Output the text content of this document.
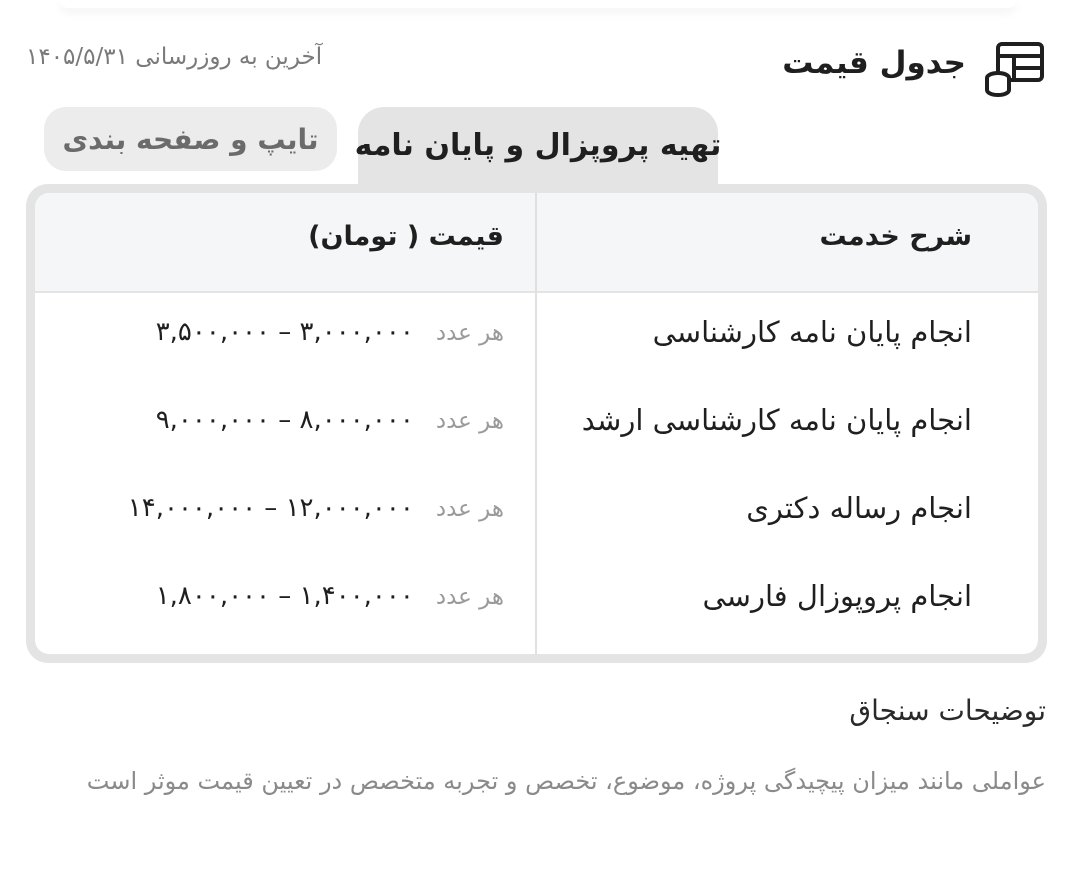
جدول قیمت
آخرین به روزرسانی ۱۴۰۵/۵/۳۱
تهیه پروپزال و پایان نامه
تایپ و صفحه بندی
شرح خدمت
قیمت ( تومان)
انجام پایان نامه کارشناسی
هر عدد
۳,۰۰۰,۰۰۰ – ۳,۵۰۰,۰۰۰
انجام پایان نامه کارشناسی ارشد
هر عدد
۸,۰۰۰,۰۰۰ – ۹,۰۰۰,۰۰۰
انجام رساله دکتری
هر عدد
۱۲,۰۰۰,۰۰۰ – ۱۴,۰۰۰,۰۰۰
انجام پروپوزال فارسی
هر عدد
۱,۴۰۰,۰۰۰ – ۱,۸۰۰,۰۰۰
توضیحات سنجاق
عواملی مانند میزان پیچیدگی پروژه، موضوع، تخصص و تجربه متخصص در تعیین قیمت موثر است
